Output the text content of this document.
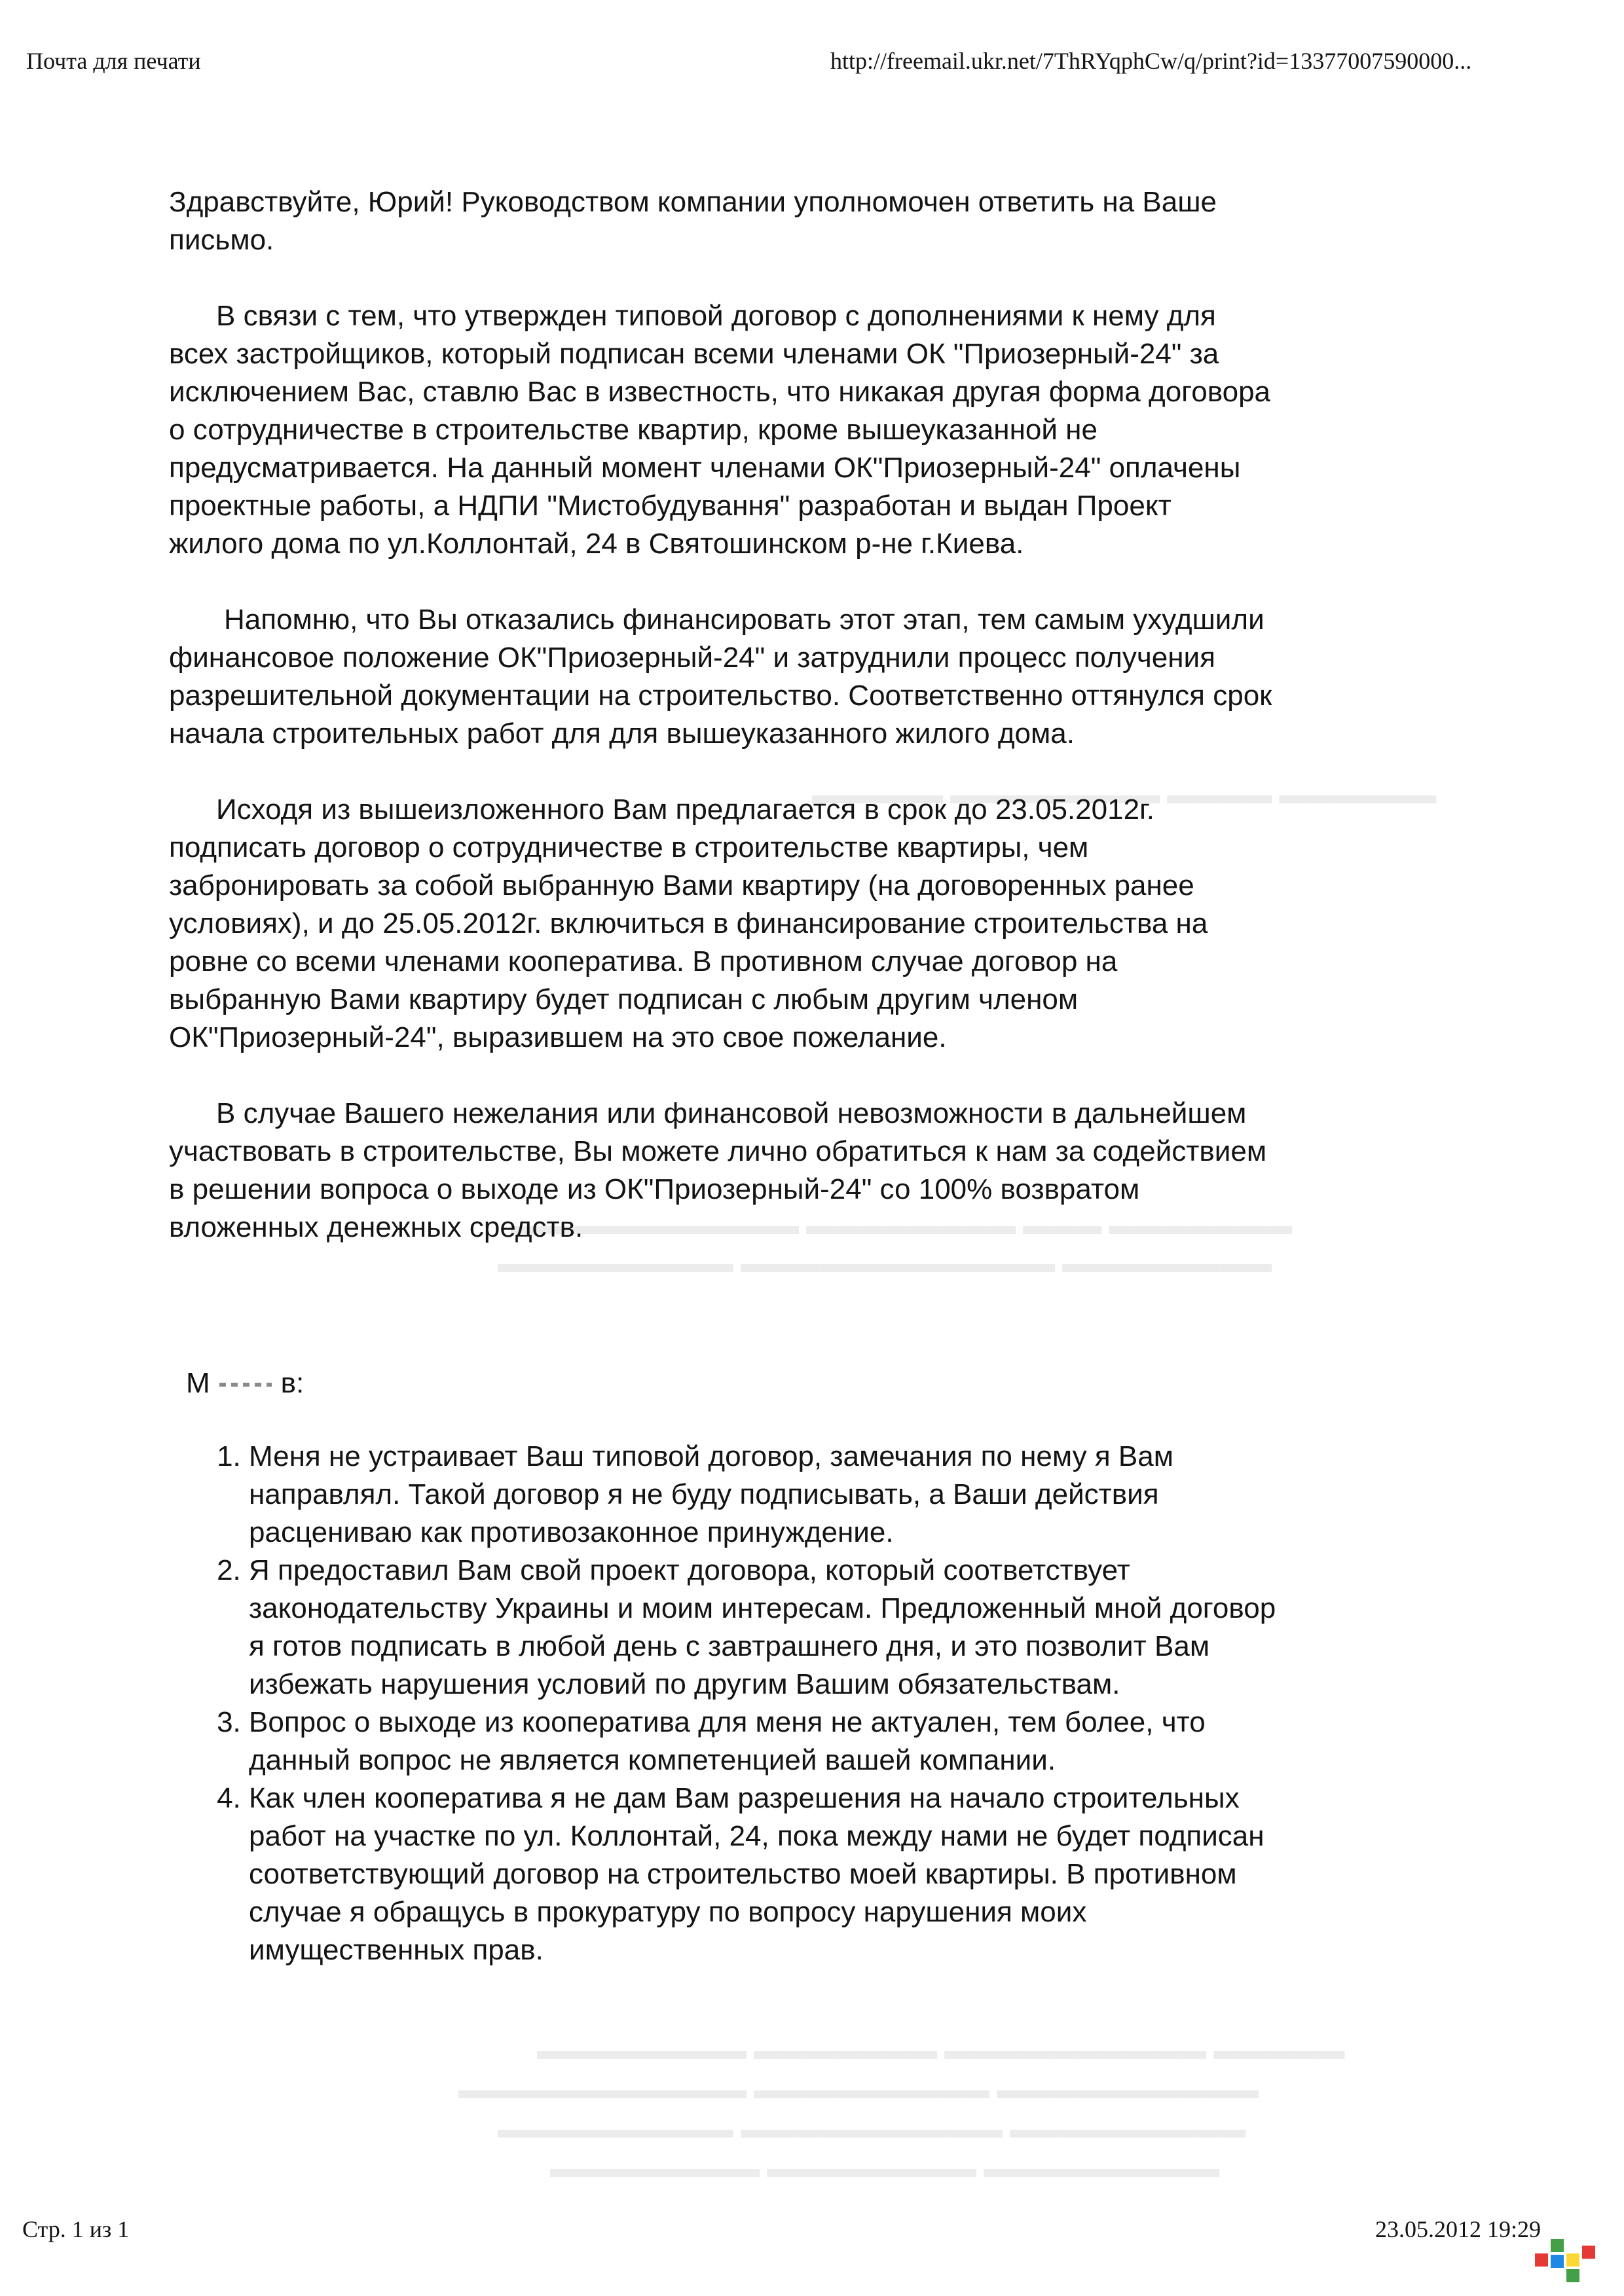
Почта для печати	http://freemail.ukr.net/7ThRYqphCw/q/print?id=13377007590000...
▬▬▬▬▬ ▬▬▬▬▬▬▬▬ ▬▬▬▬ ▬▬▬▬▬▬
▬▬▬▬▬▬▬▬▬▬▬ ▬▬▬▬▬▬▬▬ ▬▬▬ ▬▬▬▬▬▬▬
▬▬▬▬▬▬▬▬▬ ▬▬▬▬▬▬▬▬▬▬▬▬ ▬▬▬▬▬▬▬▬
▬▬▬▬▬▬▬▬ ▬▬▬▬▬▬▬ ▬▬▬▬▬▬▬▬▬▬ ▬▬▬▬▬
▬▬▬▬▬▬▬▬▬▬▬ ▬▬▬▬▬▬▬▬▬ ▬▬▬▬▬▬▬▬▬▬
▬▬▬▬▬▬▬▬▬ ▬▬▬▬▬▬▬▬▬▬ ▬▬▬▬▬▬▬▬▬
▬▬▬▬▬▬▬▬ ▬▬▬▬▬▬▬▬ ▬▬▬▬▬▬▬▬▬

Здравствуйте, Юрий! Руководством компании уполномочен ответить на Ваше
письмо.

В связи с тем, что утвержден типовой договор с дополнениями к нему для
всех застройщиков, который подписан всеми членами ОК "Приозерный-24" за
исключением Вас, ставлю Вас в известность, что никакая другая форма договора
о сотрудничестве в строительстве квартир, кроме вышеуказанной не
предусматривается. На данный момент членами ОК"Приозерный-24" оплачены
проектные работы, а НДПИ "Мистобудування" разработан и выдан Проект
жилого дома по ул.Коллонтай, 24 в Святошинском р-не г.Киева.

Напомню, что Вы отказались финансировать этот этап, тем самым ухудшили
финансовое положение ОК"Приозерный-24" и затруднили процесс получения
разрешительной документации на строительство. Соответственно оттянулся срок
начала строительных работ для для вышеуказанного жилого дома.

Исходя из вышеизложенного Вам предлагается в срок до 23.05.2012г.
подписать договор о сотрудничестве в строительстве квартиры, чем
забронировать за собой выбранную Вами квартиру (на договоренных ранее
условиях), и до 25.05.2012г. включиться в финансирование строительства на
ровне со всеми членами кооператива. В противном случае договор на
выбранную Вами квартиру будет подписан с любым другим членом
ОК"Приозерный-24", выразившем на это свое пожелание.

В случае Вашего нежелания или финансовой невозможности в дальнейшем
участвовать в строительстве, Вы можете лично обратиться к нам за содействием
в решении вопроса о выходе из ОК"Приозерный-24" со 100% возвратом
вложенных денежных средств.

М в:
1. Меня не устраивает Ваш типовой договор, замечания по нему я Вам
направлял. Такой договор я не буду подписывать, а Ваши действия
расцениваю как противозаконное принуждение.
2. Я предоставил Вам свой проект договора, который соответствует
законодательству Украины и моим интересам. Предложенный мной договор
я готов подписать в любой день с завтрашнего дня, и это позволит Вам
избежать нарушения условий по другим Вашим обязательствам.
3. Вопрос о выходе из кооператива для меня не актуален, тем более, что
данный вопрос не является компетенцией вашей компании.
4. Как член кооператива я не дам Вам разрешения на начало строительных
работ на участке по ул. Коллонтай, 24, пока между нами не будет подписан
соответствующий договор на строительство моей квартиры. В противном
случае я обращусь в прокуратуру по вопросу нарушения моих
имущественных прав.
Стр. 1 из 1	23.05.2012 19:29
